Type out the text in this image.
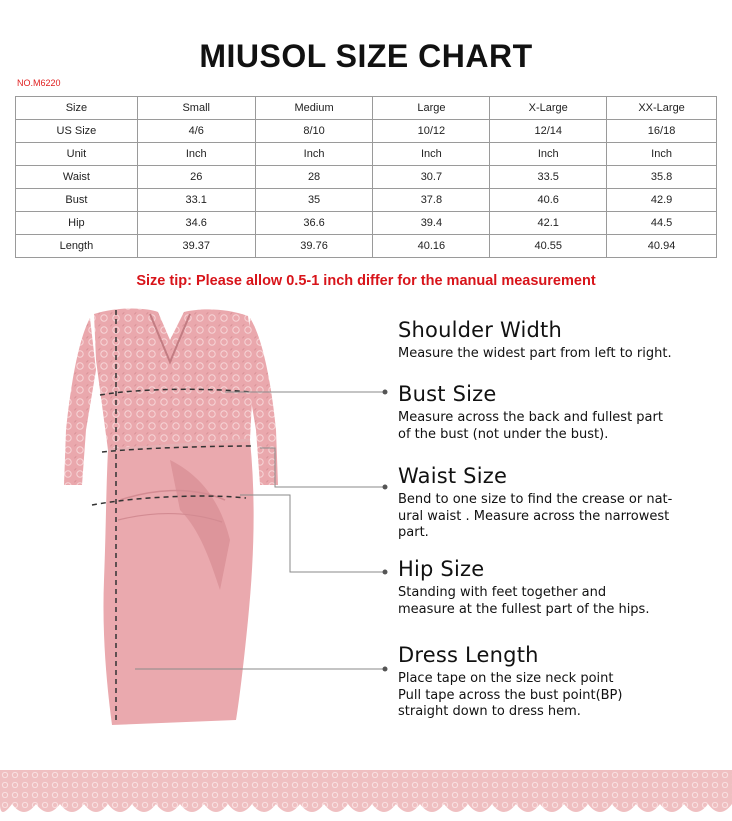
MIUSOL SIZE CHART
NO.M6220
Size	Small	Medium	Large	X-Large	XX-Large
US Size	4/6	8/10	10/12	12/14	16/18
Unit	Inch	Inch	Inch	Inch	Inch
Waist	26	28	30.7	33.5	35.8
Bust	33.1	35	37.8	40.6	42.9
Hip	34.6	36.6	39.4	42.1	44.5
Length	39.37	39.76	40.16	40.55	40.94
Size tip: Please allow 0.5-1 inch differ for the manual measurement
Shoulder Width

Measure the widest part from left to right.

Bust Size

Measure across the back and fullest part
of the bust (not under the bust).

Waist Size

Bend to one size to find the crease or nat-
ural waist . Measure across the narrowest
part.

Hip Size

Standing with feet together and
measure at the fullest part of the hips.

Dress Length

Place tape on the size neck point
Pull tape across the bust point(BP)
straight down to dress hem.
